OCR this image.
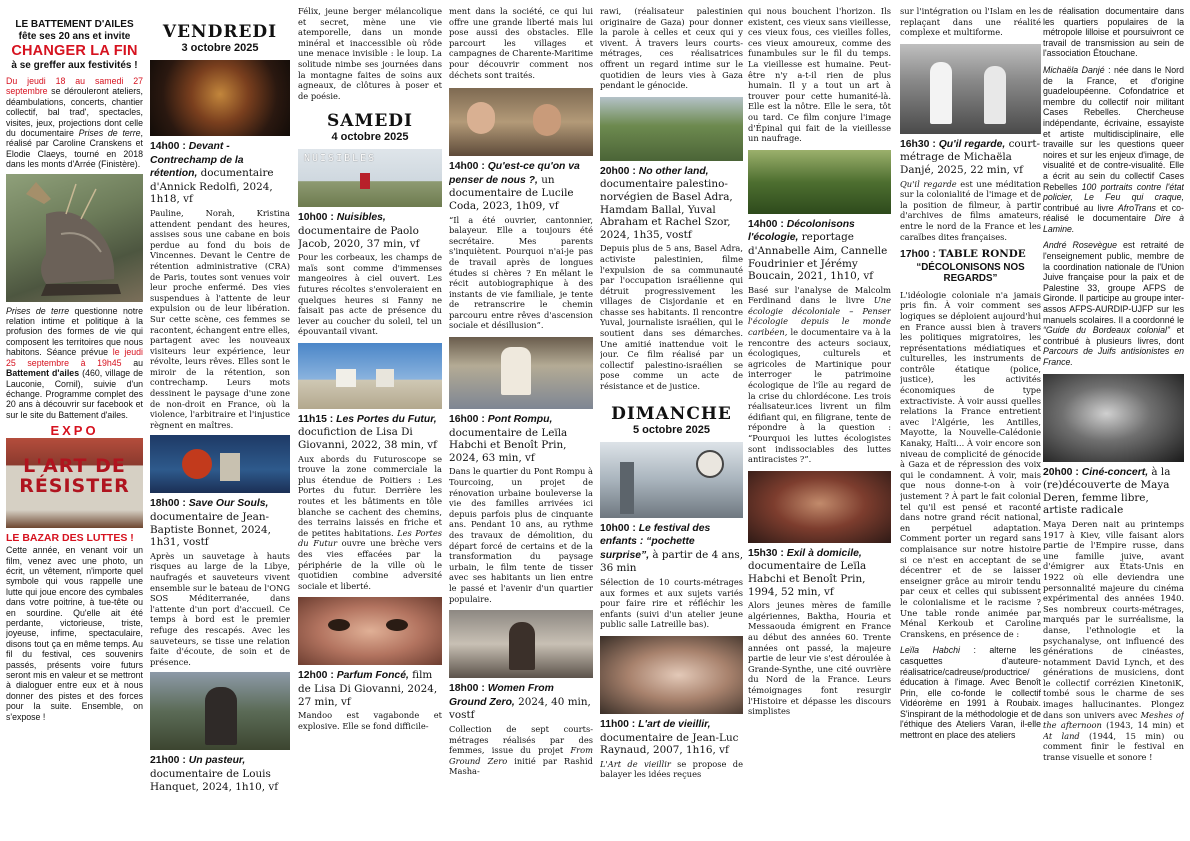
LE BATTEMENT D'AILES
fête ses 20 ans et invite
CHANGER LA FIN
à se greffer aux festivités !

Du jeudi 18 au samedi 27 septembre se dérouleront ateliers, déambulations, concerts, chantier collectif, bal trad', spectacles, visites, jeux, projections dont celle du documentaire Prises de terre, réalisé par Caroline Cranskens et Elodie Claeys, tourné en 2018 dans les monts d'Arrée (Finistère).

Prises de terre questionne notre relation intime et politique à la profusion des formes de vie qui composent les territoires que nous habitons. Séance prévue le jeudi 25 septembre à 19h45 au Battement d'ailes (460, village de Lauconie, Cornil), suivie d'un échange. Programme complet des 20 ans à découvrir sur facebook et sur le site du Battement d'ailes.

EXPO
L'ART DE
RÉSISTER
LE BAZAR DES LUTTES !

Cette année, en venant voir un film, venez avec une photo, un écrit, un vêtement, n'importe quel symbole qui vous rappelle une lutte qui joue encore des cymbales dans votre poitrine, à tue-tête ou en sourdine. Qu'elle ait été perdante, victorieuse, triste, joyeuse, infime, spectaculaire, disons tout ça en même temps. Au fil du festival, ces souvenirs passés, présents voire futurs seront mis en valeur et se mettront à dialoguer entre eux et à nous donner des pistes et des forces pour la suite. Ensemble, on s'expose !

VENDREDI
3 octobre 2025

14h00 : Devant - Contrechamp de la rétention, documentaire d'Annick Redolfi, 2024, 1h18, vf

Pauline, Norah, Kristina attendent pendant des heures, assises sous une cabane en bois perdue au fond du bois de Vincennes. Devant le Centre de rétention administrative (CRA) de Paris, toutes sont venues voir leur proche enfermé. Des vies suspendues à l'attente de leur expulsion ou de leur libération. Sur cette scène, ces femmes se racontent, échangent entre elles, partagent avec les nouveaux visiteurs leur expérience, leur révolte, leurs rêves. Elles sont le miroir de la rétention, son contrechamp. Leurs mots dessinent le paysage d'une zone de non-droit en France, où la violence, l'arbitraire et l'injustice règnent en maîtres.

18h00 : Save Our Souls, documentaire de Jean-Baptiste Bonnet, 2024, 1h31, vostf

Après un sauvetage à hauts risques au large de la Libye, naufragés et sauveteurs vivent ensemble sur le bateau de l'ONG SOS Méditerranée, dans l'attente d'un port d'accueil. Ce temps à bord est le premier refuge des rescapés. Avec les sauveteurs, se tisse une relation faite d'écoute, de soin et de présence.

21h00 : Un pasteur, documentaire de Louis Hanquet, 2024, 1h10, vf

Félix, jeune berger mélancolique et secret, mène une vie atemporelle, dans un monde minéral et inaccessible où rôde une menace invisible : le loup. La solitude nimbe ses journées dans la montagne faites de soins aux agneaux, de clôtures à poser et de poésie.

SAMEDI
4 octobre 2025
NUISIBLES

10h00 : Nuisibles, documentaire de Paolo Jacob, 2020, 37 min, vf

Pour les corbeaux, les champs de maïs sont comme d'immenses mangeoires à ciel ouvert. Les futures récoltes s'envoleraient en quelques heures si Fanny ne faisait pas acte de présence du lever au coucher du soleil, tel un épouvantail vivant.

11h15 : Les Portes du Futur, docufiction de Lisa Di Giovanni, 2022, 38 min, vf

Aux abords du Futuroscope se trouve la zone commerciale la plus étendue de Poitiers : Les Portes du futur. Derrière les routes et les bâtiments en tôle blanche se cachent des chemins, des terrains laissés en friche et de petites habitations. Les Portes du Futur ouvre une brèche vers des vies effacées par la périphérie de la ville où le quotidien combine adversité sociale et liberté.

12h00 : Parfum Foncé, film de Lisa Di Giovanni, 2024, 27 min, vf

Mandoo est vagabonde et explosive. Elle se fond difficile-

ment dans la société, ce qui lui offre une grande liberté mais lui pose aussi des obstacles. Elle parcourt les villages et campagnes de Charente-Maritime pour découvrir comment nos déchets sont traités.

14h00 : Qu'est-ce qu'on va penser de nous ?, un documentaire de Lucile Coda, 2023, 1h09, vf

“Il a été ouvrier, cantonnier, balayeur. Elle a toujours été secrétaire. Mes parents s'inquiètent. Pourquoi n'ai-je pas de travail après de longues études si chères ? En mêlant le récit autobiographique à des instants de vie familiale, je tente de retranscrire le chemin parcouru entre rêves d'ascension sociale et désillusion”.

16h00 : Pont Rompu, documentaire de Leïla Habchi et Benoît Prin, 2024, 63 min, vf

Dans le quartier du Pont Rompu à Tourcoing, un projet de rénovation urbaine bouleverse la vie des familles arrivées ici depuis parfois plus de cinquante ans. Pendant 10 ans, au rythme des travaux de démolition, du départ forcé de certains et de la transformation du paysage urbain, le film tente de tisser avec ses habitants un lien entre le passé et l'avenir d'un quartier populaire.

18h00 : Women From Ground Zero, 2024, 40 min, vostf

Collection de sept courts-métrages réalisés par des femmes, issue du projet From Ground Zero initié par Rashid Masha-

rawi, (réalisateur palestinien originaire de Gaza) pour donner la parole à celles et ceux qui y vivent. À travers leurs courts-métrages, ces réalisatrices offrent un regard intime sur le quotidien de leurs vies à Gaza pendant le génocide.

20h00 : No other land, documentaire palestino-norvégien de Basel Adra, Hamdam Ballal, Yuval Abraham et Rachel Szor, 2024, 1h35, vostf

Depuis plus de 5 ans, Basel Adra, activiste palestinien, filme l'expulsion de sa communauté par l'occupation israélienne qui détruit progressivement les villages de Cisjordanie et en chasse ses habitants. Il rencontre Yuval, journaliste israélien, qui le soutient dans ses démarches. Une amitié inattendue voit le jour. Ce film réalisé par un collectif palestino-israélien se pose comme un acte de résistance et de justice.

DIMANCHE
5 octobre 2025

10h00 : Le festival des enfants : “pochette surprise”, à partir de 4 ans, 36 min

Sélection de 10 courts-métrages aux formes et aux sujets variés pour faire rire et réfléchir les enfants (suivi d'un atelier jeune public salle Latreille bas).

11h00 : L'art de vieillir, documentaire de Jean-Luc Raynaud, 2007, 1h16, vf

L'Art de vieillir se propose de balayer les idées reçues

qui nous bouchent l'horizon. Ils existent, ces vieux sans vieillesse, ces vieux fous, ces vieilles folles, ces vieux amoureux, comme des funambules sur le fil du temps. La vieillesse est humaine. Peut-être n'y a-t-il rien de plus humain. Il y a tout un art à trouver pour cette humanité-là. Elle est la nôtre. Elle le sera, tôt ou tard. Ce film conjure l'image d'Épinal qui fait de la vieillesse un naufrage.

14h00 : Décolonisons l'écologie, reportage d'Annabelle Aim, Cannelle Foudrinier et Jérémy Boucain, 2021, 1h10, vf

Basé sur l'analyse de Malcolm Ferdinand dans le livre Une écologie décoloniale – Penser l'écologie depuis le monde caribéen, le documentaire va à la rencontre des acteurs sociaux, écologiques, culturels et agricoles de Martinique pour interroger le patrimoine écologique de l'île au regard de la crise du chlordécone. Les trois réalisateur.ices livrent un film édifiant qui, en filigrane, tente de répondre à la question : “Pourquoi les luttes écologistes sont indissociables des luttes antiracistes ?”.

15h30 : Exil à domicile, documentaire de Leïla Habchi et Benoît Prin, 1994, 52 min, vf

Alors jeunes mères de famille algériennes, Baktha, Houria et Messaouda émigrent en France au début des années 60. Trente années ont passé, la majeure partie de leur vie s'est déroulée à Grande-Synthe, une cité ouvrière du Nord de la France. Leurs témoignages font resurgir l'Histoire et dépasse les discours simplistes

sur l'intégration ou l'Islam en les replaçant dans une réalité complexe et multiforme.

16h30 : Qu'il regarde, court-métrage de Michaëla Danjé, 2025, 22 min, vf

Qu'il regarde est une méditation sur la colonialité de l'image et de la position de filmeur, à partir d'archives de films amateurs, entre le nord de la France et les caraïbes dites françaises.

17h00 : TABLE RONDE

“DÉCOLONISONS NOS REGARDS”

L'idéologie coloniale n'a jamais pris fin. À voir comment ses logiques se déploient aujourd'hui en France aussi bien à travers les politiques migratoires, les représentations médiatiques et culturelles, les instruments de contrôle étatique (police, justice), les activités économiques de type extractiviste. À voir aussi quelles relations la France entretient avec l'Algérie, les Antilles, Mayotte, la Nouvelle-Calédonie Kanaky, Haïti... À voir encore son niveau de complicité de génocide à Gaza et de répression des voix qui le condamnent. À voir, mais que nous donne-t-on à voir justement ? À part le fait colonial tel qu'il est pensé et raconté dans notre grand récit national, en perpétuel adaptation. Comment porter un regard sans complaisance sur notre histoire si ce n'est en acceptant de se décentrer et de se laisser enseigner grâce au miroir tendu par ceux et celles qui subissent le colonialisme et le racisme ? Une table ronde animée par Ménal Kerkoub et Caroline Cranskens, en présence de :

Leïla Habchi : alterne les casquettes d'auteure-réalisatrice/cadreuse/productrice/éducation à l'image. Avec Benoît Prin, elle co-fonde le collectif Vidéorème en 1991 à Roubaix. S'inspirant de la méthodologie et de l'éthique des Ateliers Varan, il-elle mettront en place des ateliers

de réalisation documentaire dans les quartiers populaires de la métropole lilloise et poursuivront ce travail de transmission au sein de l'association Étouchane.

Michaëla Danjé : née dans le Nord de la France, et d'origine guadeloupéenne. Cofondatrice et membre du collectif noir militant Cases Rebelles. Chercheuse indépendante, écrivaine, essayiste et artiste multidisciplinaire, elle travaille sur les questions queer noires et sur les enjeux d'image, de visualité et de contre-visualité. Elle a écrit au sein du collectif Cases Rebelles 100 portraits contre l'état policier, Le Feu qui craque, contribué au livre AfroTrans et co-réalisé le documentaire Dire à Lamine.

André Rosevègue est retraité de l'enseignement public, membre de la coordination nationale de l'Union Juive française pour la paix et de Palestine 33, groupe AFPS de Gironde. Il participe au groupe inter-assos AFPS-AURDIP-UJFP sur les manuels scolaires. Il a coordonné le “Guide du Bordeaux colonial” et contribué à plusieurs livres, dont Parcours de Juifs antisionistes en France.

20h00 : Ciné-concert, à la (re)découverte de Maya Deren, femme libre, artiste radicale

Maya Deren nait au printemps 1917 à Kiev, ville faisant alors partie de l'Empire russe, dans une famille juive, avant d'émigrer aux États-Unis en 1922 où elle deviendra une personnalité majeure du cinéma expérimental des années 1940. Ses nombreux courts-métrages, marqués par le surréalisme, la danse, l'ethnologie et la psychanalyse, ont influencé des générations de cinéastes, notamment David Lynch, et des générations de musiciens, dont le collectif corrézien KinetoniK, tombé sous le charme de ses images hallucinantes. Plongez dans son univers avec Meshes of the afternoon (1943, 14 min) et At land (1944, 15 min) ou comment finir le festival en transe visuelle et sonore !
